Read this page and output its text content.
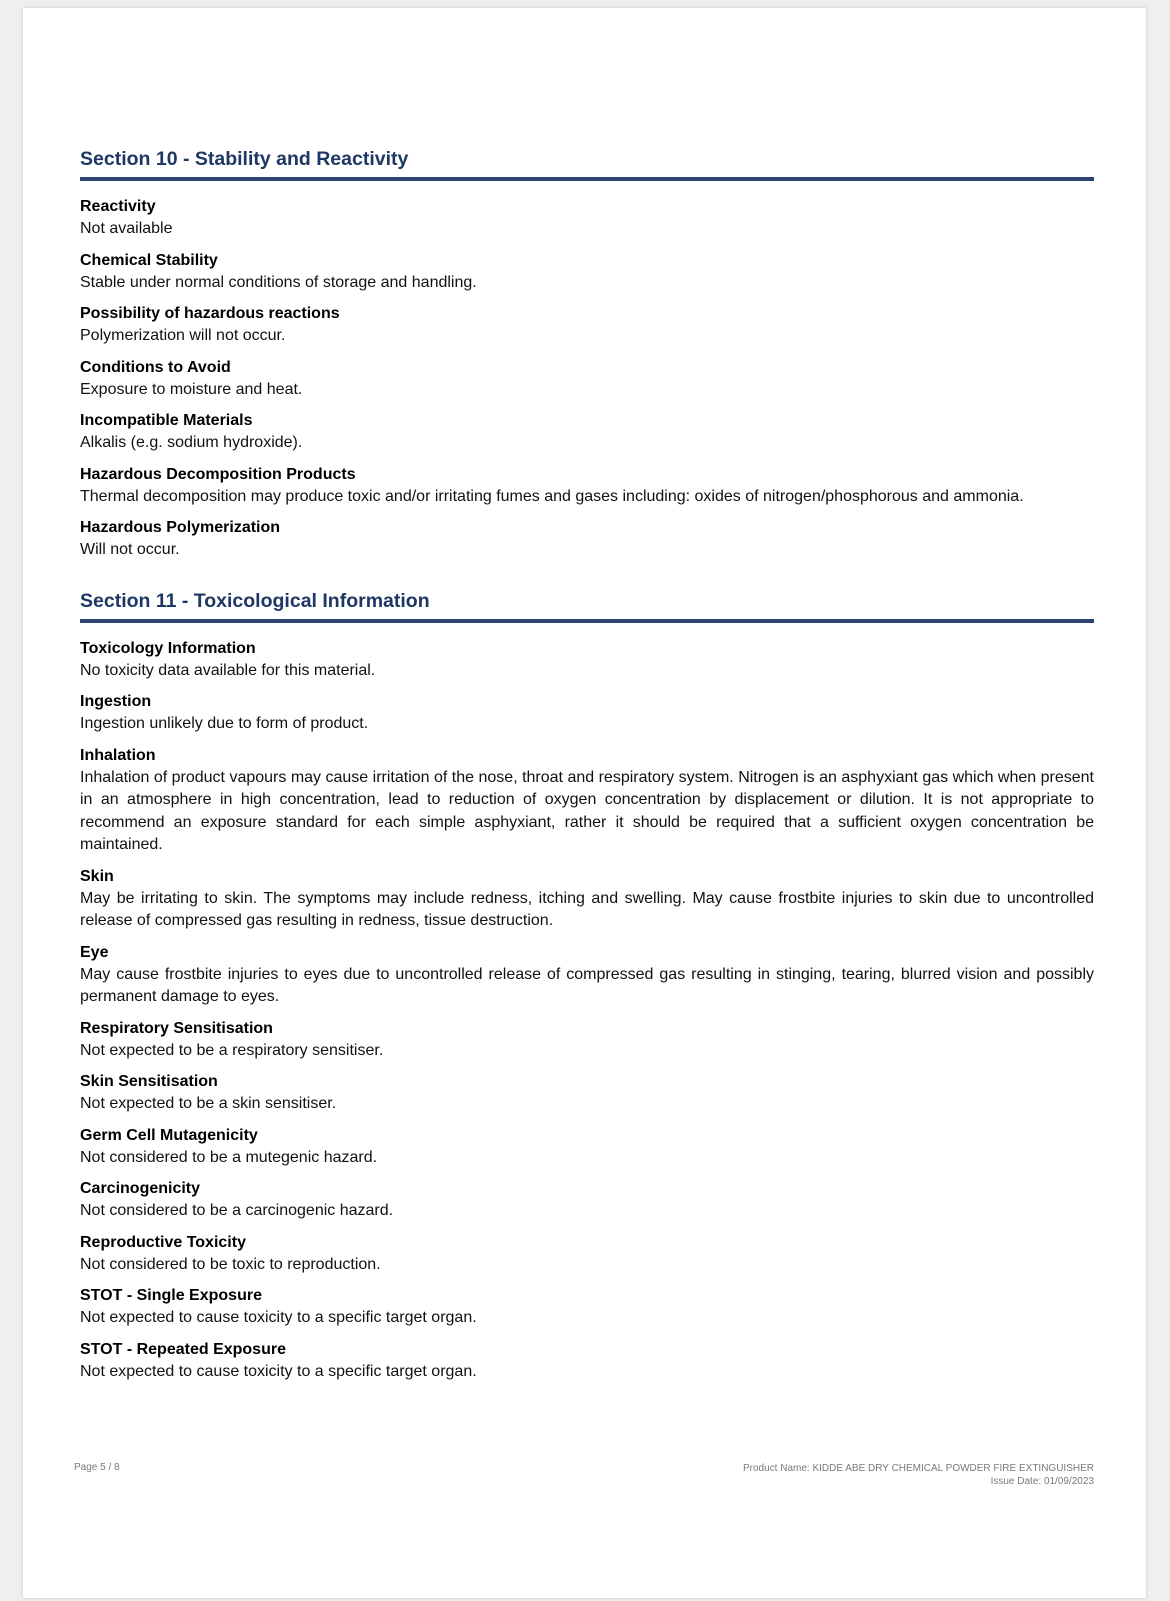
Section 10 - Stability and Reactivity
Reactivity
Not available
Chemical Stability
Stable under normal conditions of storage and handling.
Possibility of hazardous reactions
Polymerization will not occur.
Conditions to Avoid
Exposure to moisture and heat.
Incompatible Materials
Alkalis (e.g. sodium hydroxide).
Hazardous Decomposition Products
Thermal decomposition may produce toxic and/or irritating fumes and gases including: oxides of nitrogen/phosphorous and ammonia.
Hazardous Polymerization
Will not occur.
Section 11 - Toxicological Information
Toxicology Information
No toxicity data available for this material.
Ingestion
Ingestion unlikely due to form of product.
Inhalation
Inhalation of product vapours may cause irritation of the nose, throat and respiratory system. Nitrogen is an asphyxiant gas which when present in an atmosphere in high concentration, lead to reduction of oxygen concentration by displacement or dilution. It is not appropriate to recommend an exposure standard for each simple asphyxiant, rather it should be required that a sufficient oxygen concentration be maintained.
Skin
May be irritating to skin. The symptoms may include redness, itching and swelling. May cause frostbite injuries to skin due to uncontrolled release of compressed gas resulting in redness, tissue destruction.
Eye
May cause frostbite injuries to eyes due to uncontrolled release of compressed gas resulting in stinging, tearing, blurred vision and possibly permanent damage to eyes.
Respiratory Sensitisation
Not expected to be a respiratory sensitiser.
Skin Sensitisation
Not expected to be a skin sensitiser.
Germ Cell Mutagenicity
Not considered to be a mutegenic hazard.
Carcinogenicity
Not considered to be a carcinogenic hazard.
Reproductive Toxicity
Not considered to be toxic to reproduction.
STOT - Single Exposure
Not expected to cause toxicity to a specific target organ.
STOT - Repeated Exposure
Not expected to cause toxicity to a specific target organ.
Page 5 / 8	Product Name: KIDDE ABE DRY CHEMICAL POWDER FIRE EXTINGUISHER
Issue Date: 01/09/2023
